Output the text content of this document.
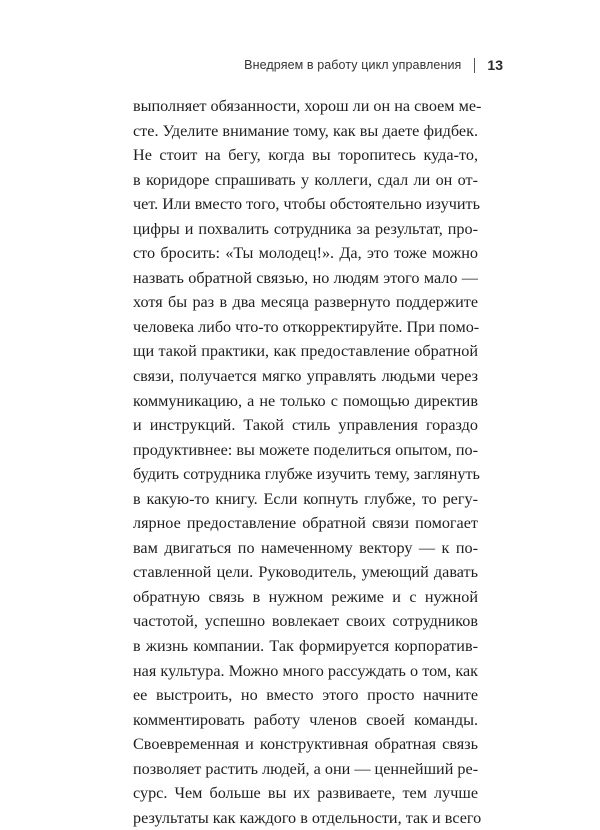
Внедряем в работу цикл управления 13
выполняет обязанности, хорош ли он на своем ме-
сте. Уделите внимание тому, как вы даете фидбек.
Не стоит на бегу, когда вы торопитесь куда-то,
в коридоре спрашивать у коллеги, сдал ли он от-
чет. Или вместо того, чтобы обстоятельно изучить
цифры и похвалить сотрудника за результат, про-
сто бросить: «Ты молодец!». Да, это тоже можно
назвать обратной связью, но людям этого мало —
хотя бы раз в два месяца развернуто поддержите
человека либо что-то откорректируйте. При помо-
щи такой практики, как предоставление обратной
связи, получается мягко управлять людьми через
коммуникацию, а не только с помощью директив
и инструкций. Такой стиль управления гораздо
продуктивнее: вы можете поделиться опытом, по-
будить сотрудника глубже изучить тему, заглянуть
в какую-то книгу. Если копнуть глубже, то регу-
лярное предоставление обратной связи помогает
вам двигаться по намеченному вектору — к по-
ставленной цели. Руководитель, умеющий давать
обратную связь в нужном режиме и с нужной
частотой, успешно вовлекает своих сотрудников
в жизнь компании. Так формируется корпоратив-
ная культура. Можно много рассуждать о том, как
ее выстроить, но вместо этого просто начните
комментировать работу членов своей команды.
Своевременная и конструктивная обратная связь
позволяет растить людей, а они — ценнейший ре-
сурс. Чем больше вы их развиваете, тем лучше
результаты как каждого в отдельности, так и всего
